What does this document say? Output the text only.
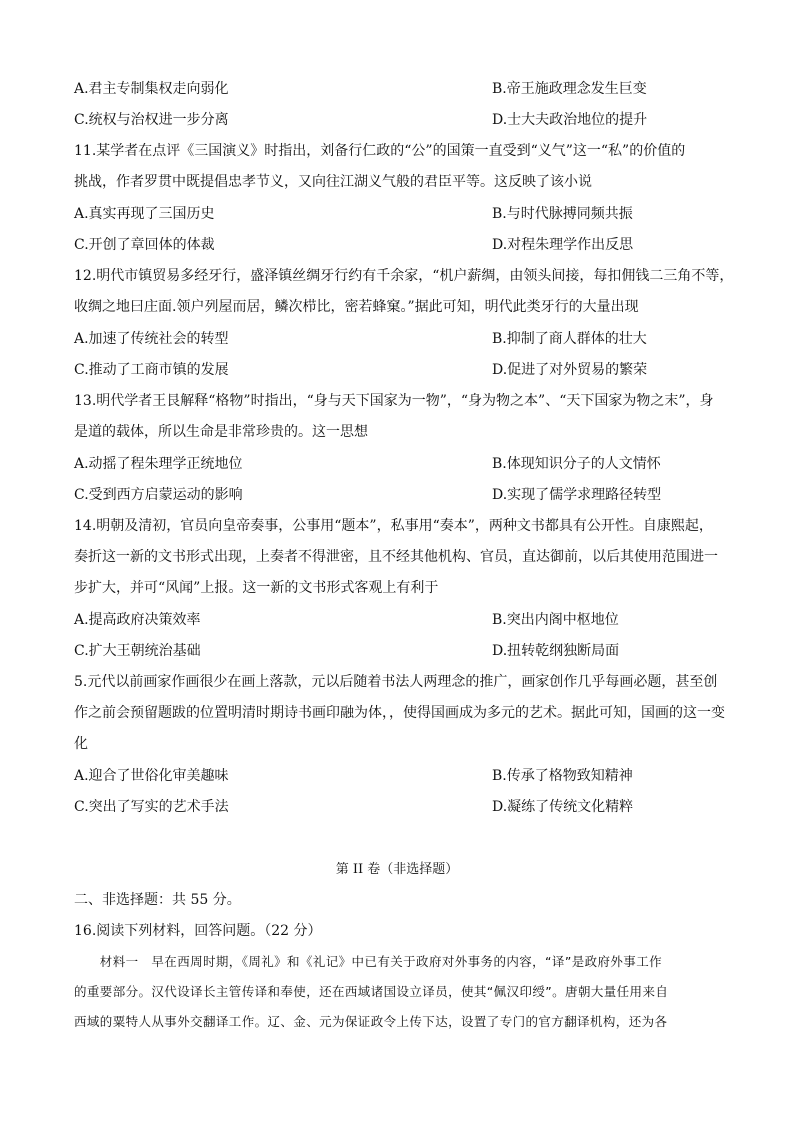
A.君主专制集权走向弱化	B.帝王施政理念发生巨变
C.统权与治权进一步分离	D.士大夫政治地位的提升
11.某学者在点评《三国演义》时指出，刘备行仁政的“公”的国策一直受到“义气”这一“私”的价值的
挑战，作者罗贯中既提倡忠孝节义，又向往江湖义气般的君臣平等。这反映了该小说
A.真实再现了三国历史	B.与时代脉搏同频共振
C.开创了章回体的体裁	D.对程朱理学作出反思
12.明代市镇贸易多经牙行，盛泽镇丝绸牙行约有千余家，“机户薪绸，由领头间接，每扣佣钱二三角不等，
收绸之地曰庄面.领户列屋而居，鳞次栉比，密若蜂窠。”据此可知，明代此类牙行的大量出现
A.加速了传统社会的转型	B.抑制了商人群体的壮大
C.推动了工商市镇的发展	D.促进了对外贸易的繁荣
13.明代学者王艮解释“格物”时指出，“身与天下国家为一物”，“身为物之本”、“天下国家为物之末”，身
是道的载体，所以生命是非常珍贵的。这一思想
A.动摇了程朱理学正统地位	B.体现知识分子的人文情怀
C.受到西方启蒙运动的影响	D.实现了儒学求理路径转型
14.明朝及清初，官员向皇帝奏事，公事用“题本”，私事用“奏本”，两种文书都具有公开性。自康熙起，
奏折这一新的文书形式出现，上奏者不得泄密，且不经其他机构、官员，直达御前，以后其使用范围进一
步扩大，并可“风闻”上报。这一新的文书形式客观上有利于
A.提高政府决策效率	B.突出内阁中枢地位
C.扩大王朝统治基础	D.扭转乾纲独断局面
5.元代以前画家作画很少在画上落款，元以后随着书法人两理念的推广，画家创作几乎每画必题，甚至创
作之前会预留题跋的位置明清时期诗书画印融为体，，使得国画成为多元的艺术。据此可知，国画的这一变
化
A.迎合了世俗化审美趣味	B.传承了格物致知精神
C.突出了写实的艺术手法	D.凝练了传统文化精粹
第 II 卷（非选择题）
二、非选择题：共 55 分。
16.阅读下列材料，回答问题。（22 分）
　　材料一　早在西周时期，《周礼》和《礼记》中已有关于政府对外事务的内容，“译”是政府外事工作
的重要部分。汉代设译长主管传译和奉使，还在西域诸国设立译员，使其“佩汉印绶”。唐朝大量任用来自
西域的粟特人从事外交翻译工作。辽、金、元为保证政令上传下达，设置了专门的官方翻译机构，还为各
